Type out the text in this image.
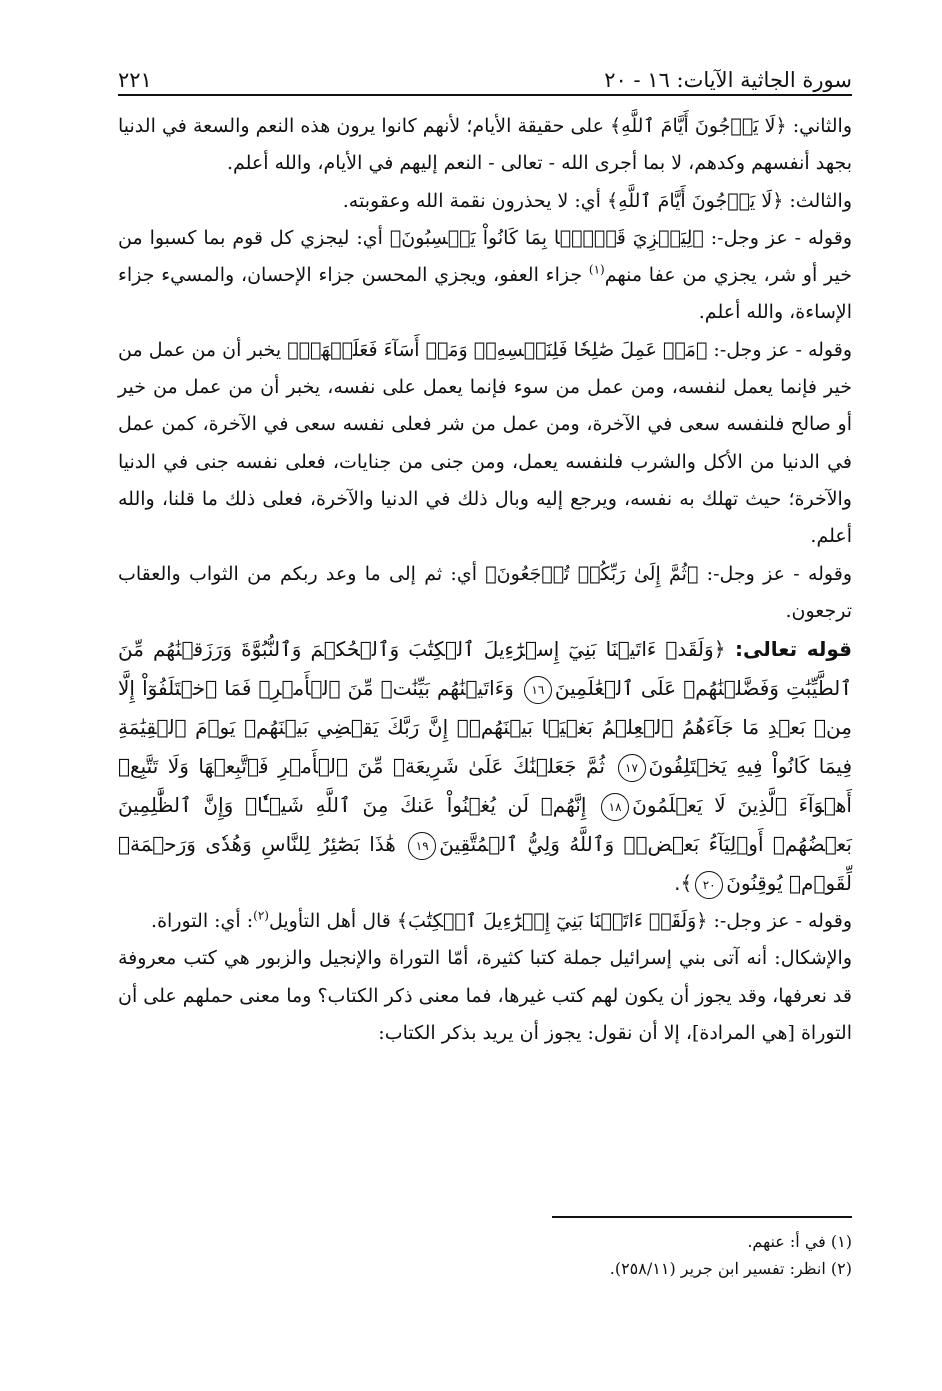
سورة الجاثية الآيات: ١٦ - ٢٠
٢٢١

والثاني: ﴿لَا يَرۡجُونَ أَيَّامَ ٱللَّهِ﴾ على حقيقة الأيام؛ لأنهم كانوا يرون هذه النعم والسعة في الدنيا بجهد أنفسهم وكدهم، لا بما أجرى الله - تعالى - النعم إليهم في الأيام، والله أعلم.

والثالث: ﴿لَا يَرۡجُونَ أَيَّامَ ٱللَّهِ﴾ أي: لا يحذرون نقمة الله وعقوبته.

وقوله - عز وجل-: ﴿لِيَجۡزِيَ قَوۡمَۢا بِمَا كَانُواْ يَكۡسِبُونَ﴾ أي: ليجزي كل قوم بما كسبوا من خير أو شر، يجزي من عفا منهم$^{(١)}$ جزاء العفو، ويجزي المحسن جزاء الإحسان، والمسيء جزاء الإساءة، والله أعلم.

وقوله - عز وجل-: ﴿مَنۡ عَمِلَ صَٰلِحٗا فَلِنَفۡسِهِۦۖ وَمَنۡ أَسَآءَ فَعَلَيۡهَاۖ﴾ يخبر أن من عمل من خير فإنما يعمل لنفسه، ومن عمل من سوء فإنما يعمل على نفسه، يخبر أن من عمل من خير أو صالح فلنفسه سعى في الآخرة، ومن عمل من شر فعلى نفسه سعى في الآخرة، كمن عمل في الدنيا من الأكل والشرب فلنفسه يعمل، ومن جنى من جنايات، فعلى نفسه جنى في الدنيا والآخرة؛ حيث تهلك به نفسه، ويرجع إليه وبال ذلك في الدنيا والآخرة، فعلى ذلك ما قلنا، والله أعلم.

وقوله - عز وجل-: ﴿ثُمَّ إِلَىٰ رَبِّكُمۡ تُرۡجَعُونَ﴾ أي: ثم إلى ما وعد ربكم من الثواب والعقاب ترجعون.

قوله تعالى: ﴿وَلَقَدۡ ءَاتَيۡنَا بَنِيٓ إِسۡرَٰٓءِيلَ ٱلۡكِتَٰبَ وَٱلۡحُكۡمَ وَٱلنُّبُوَّةَ وَرَزَقۡنَٰهُم مِّنَ ٱلطَّيِّبَٰتِ وَفَضَّلۡنَٰهُمۡ عَلَى ٱلۡعَٰلَمِينَ١٦ وَءَاتَيۡنَٰهُم بَيِّنَٰتٖ مِّنَ ٱلۡأَمۡرِۖ فَمَا ٱخۡتَلَفُوٓاْ إِلَّا مِنۢ بَعۡدِ مَا جَآءَهُمُ ٱلۡعِلۡمُ بَغۡيَۢا بَيۡنَهُمۡۚ إِنَّ رَبَّكَ يَقۡضِي بَيۡنَهُمۡ يَوۡمَ ٱلۡقِيَٰمَةِ فِيمَا كَانُواْ فِيهِ يَخۡتَلِفُونَ١٧ ثُمَّ جَعَلۡنَٰكَ عَلَىٰ شَرِيعَةٖ مِّنَ ٱلۡأَمۡرِ فَٱتَّبِعۡهَا وَلَا تَتَّبِعۡ أَهۡوَآءَ ٱلَّذِينَ لَا يَعۡلَمُونَ١٨ إِنَّهُمۡ لَن يُغۡنُواْ عَنكَ مِنَ ٱللَّهِ شَيۡـٔٗاۚ وَإِنَّ ٱلظَّٰلِمِينَ بَعۡضُهُمۡ أَوۡلِيَآءُ بَعۡضٖۖ وَٱللَّهُ وَلِيُّ ٱلۡمُتَّقِينَ١٩ هَٰذَا بَصَٰٓئِرُ لِلنَّاسِ وَهُدٗى وَرَحۡمَةٞ لِّقَوۡمٖ يُوقِنُونَ٢٠﴾.

وقوله - عز وجل-: ﴿وَلَقَدۡ ءَاتَيۡنَا بَنِيٓ إِسۡرَٰٓءِيلَ ٱلۡكِتَٰبَ﴾ قال أهل التأويل$^{(٢)}$: أي: التوراة.

والإشكال: أنه آتى بني إسرائيل جملة كتبا كثيرة، أمّا التوراة والإنجيل والزبور هي كتب معروفة قد نعرفها، وقد يجوز أن يكون لهم كتب غيرها، فما معنى ذكر الكتاب؟ وما معنى حملهم على أن التوراة [هي المرادة]، إلا أن نقول: يجوز أن يريد بذكر الكتاب:

(١) في أ: عنهم.

(٢) انظر: تفسير ابن جرير (٢٥٨/١١).
